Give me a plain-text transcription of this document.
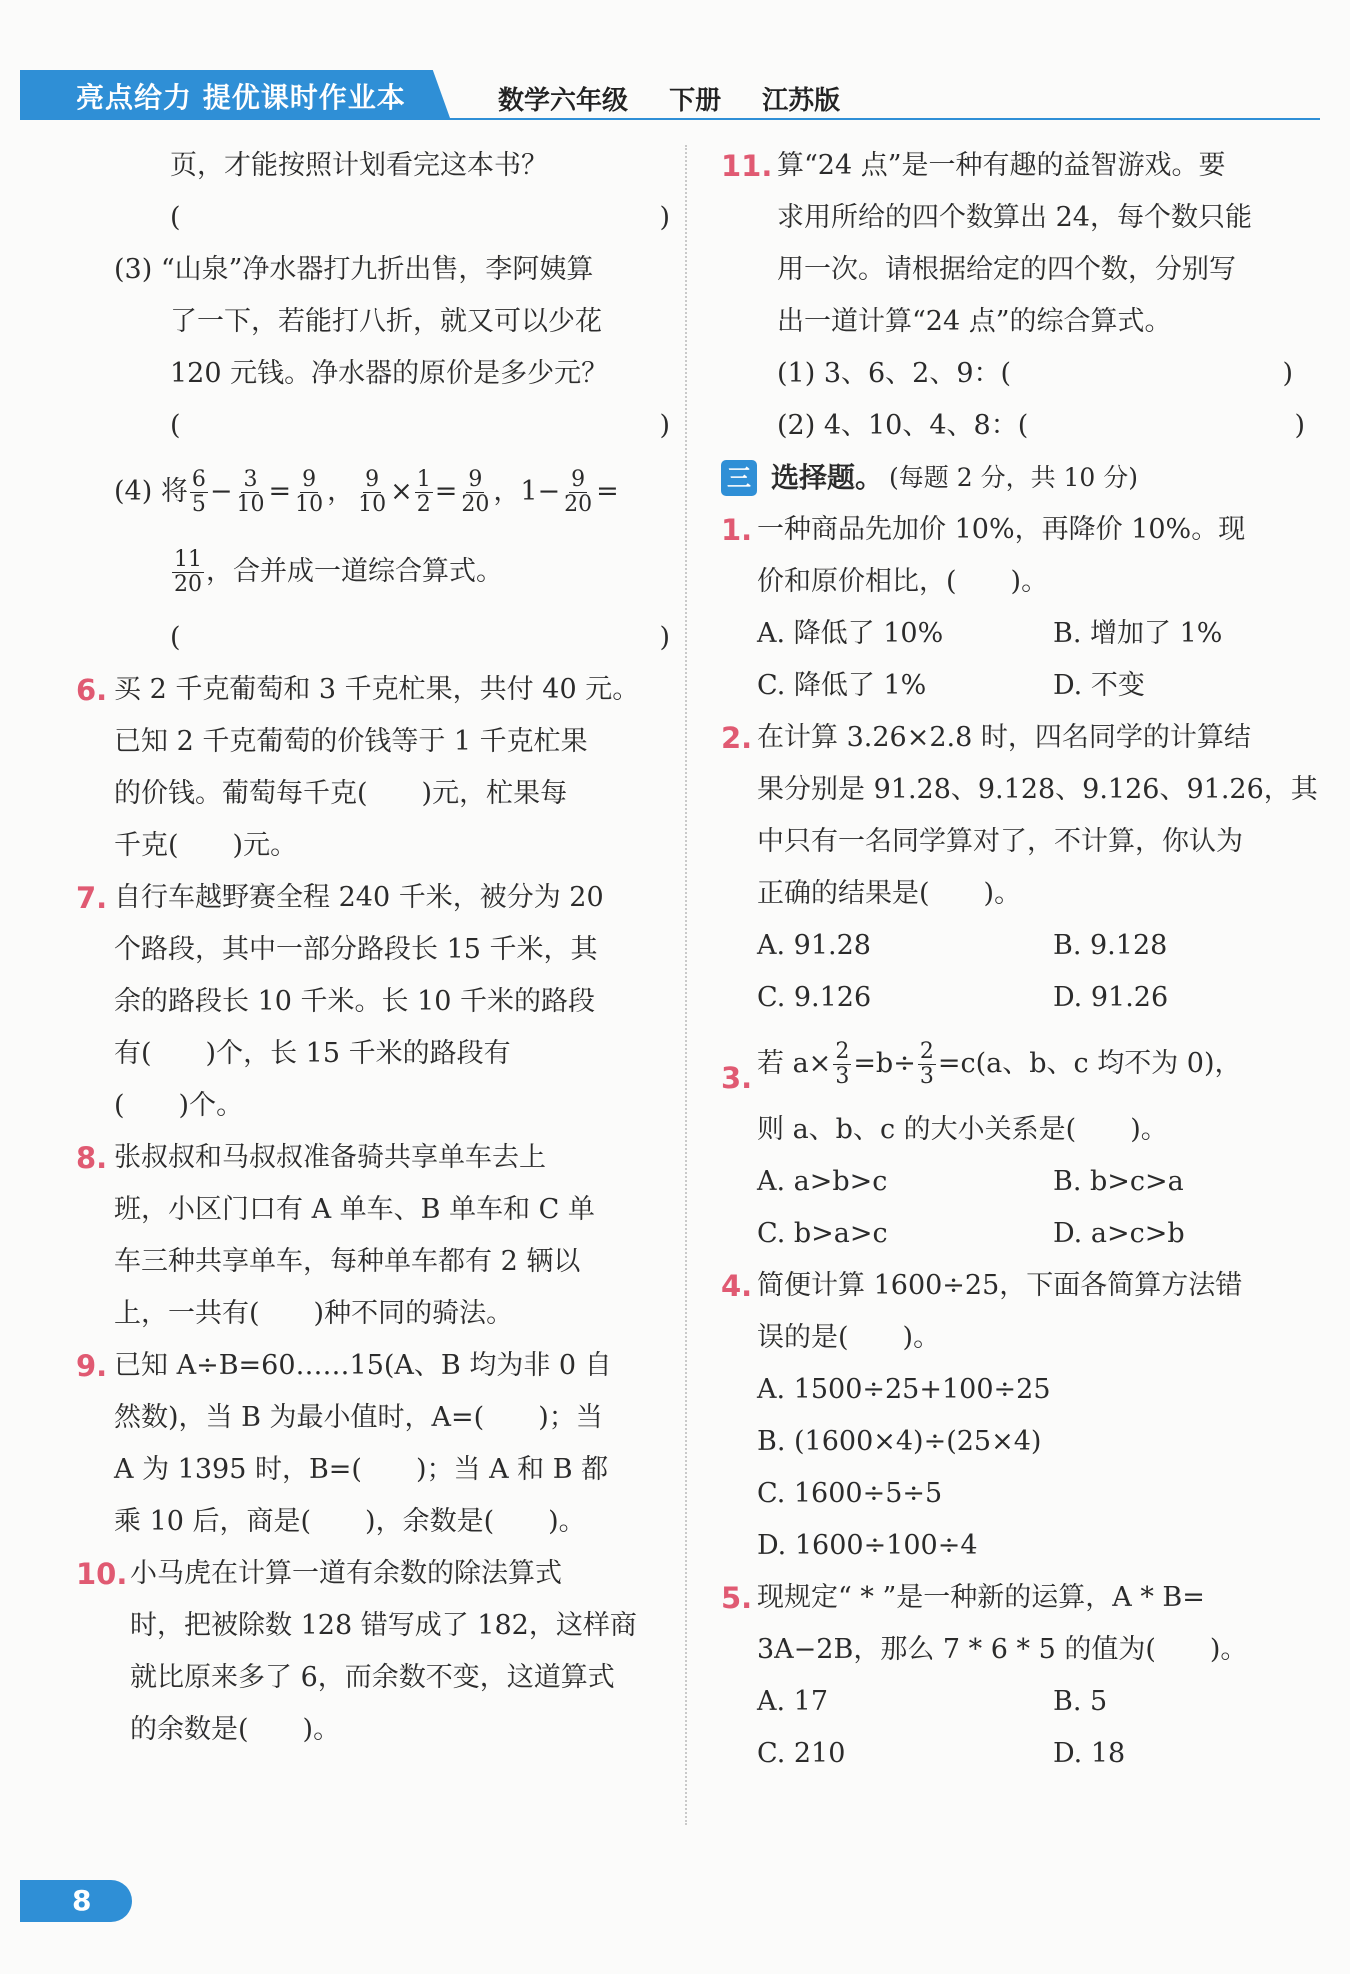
亮点给力 提优课时作业本	数学六年级 下册 江苏版
页，才能按照计划看完这本书？
(	)
(3) “山泉”净水器打九折出售，李阿姨算
了一下，若能打八折，就又可以少花
120 元钱。净水器的原价是多少元？
(	)
(4) 将 $\frac{6}{5} - \frac{3}{10} = \frac{9}{10}$ ， $\frac{9}{10} \times \frac{1}{2} = \frac{9}{20}$ ，$1- \frac{9}{20}$ =
$\frac{11}{20}$ ，合并成一道综合算式。
(	)
6. 买 2 千克葡萄和 3 千克杧果，共付 40 元。
已知 2 千克葡萄的价钱等于 1 千克杧果
的价钱。葡萄每千克(　　)元，杧果每
千克(　　)元。
7. 自行车越野赛全程 240 千米，被分为 20
个路段，其中一部分路段长 15 千米，其
余的路段长 10 千米。长 10 千米的路段
有(　　)个，长 15 千米的路段有
(　　)个。
8. 张叔叔和马叔叔准备骑共享单车去上
班，小区门口有 A 单车、B 单车和 C 单
车三种共享单车，每种单车都有 2 辆以
上，一共有(　　)种不同的骑法。
9. 已知 A÷B=60……15(A、B 均为非 0 自
然数)，当 B 为最小值时，A=(　　)；当
A 为 1395 时，B=(　　)；当 A 和 B 都
乘 10 后，商是(　　)，余数是(　　)。
10. 小马虎在计算一道有余数的除法算式
时，把被除数 128 错写成了 182，这样商
就比原来多了 6，而余数不变，这道算式
的余数是(　　)。
11. 算“24 点”是一种有趣的益智游戏。要
求用所给的四个数算出 24，每个数只能
用一次。请根据给定的四个数，分别写
出一道计算“24 点”的综合算式。
(1) 3、6、2、9：(	)
(2) 4、10、4、8：(	)
三 选择题。 (每题 2 分，共 10 分)
1. 一种商品先加价 10%，再降价 10%。现
价和原价相比，(　　)。
A. 降低了 10%	B. 增加了 1%
C. 降低了 1%	D. 不变
2. 在计算 3.26×2.8 时，四名同学的计算结
果分别是 91.28、9.128、9.126、91.26，其
中只有一名同学算对了，不计算，你认为
正确的结果是(　　)。
A. 91.28	B. 9.128
C. 9.126	D. 91.26
3. 若 $a\times \frac{2}{3} =b\div \frac{2}{3} =c(a$、b、c 均不为 0)，
则 a、b、c 的大小关系是(　　)。
A. a>b>c	B. b>c>a
C. b>a>c	D. a>c>b
4. 简便计算 1600÷25，下面各简算方法错
误的是(　　)。
A. 1500÷25+100÷25
B. (1600×4)÷(25×4)
C. 1600÷5÷5
D. 1600÷100÷4
5. 现规定“ * ”是一种新的运算，A * B=
3A−2B，那么 7 * 6 * 5 的值为(　　)。
A. 17	B. 5
C. 210	D. 18
8
